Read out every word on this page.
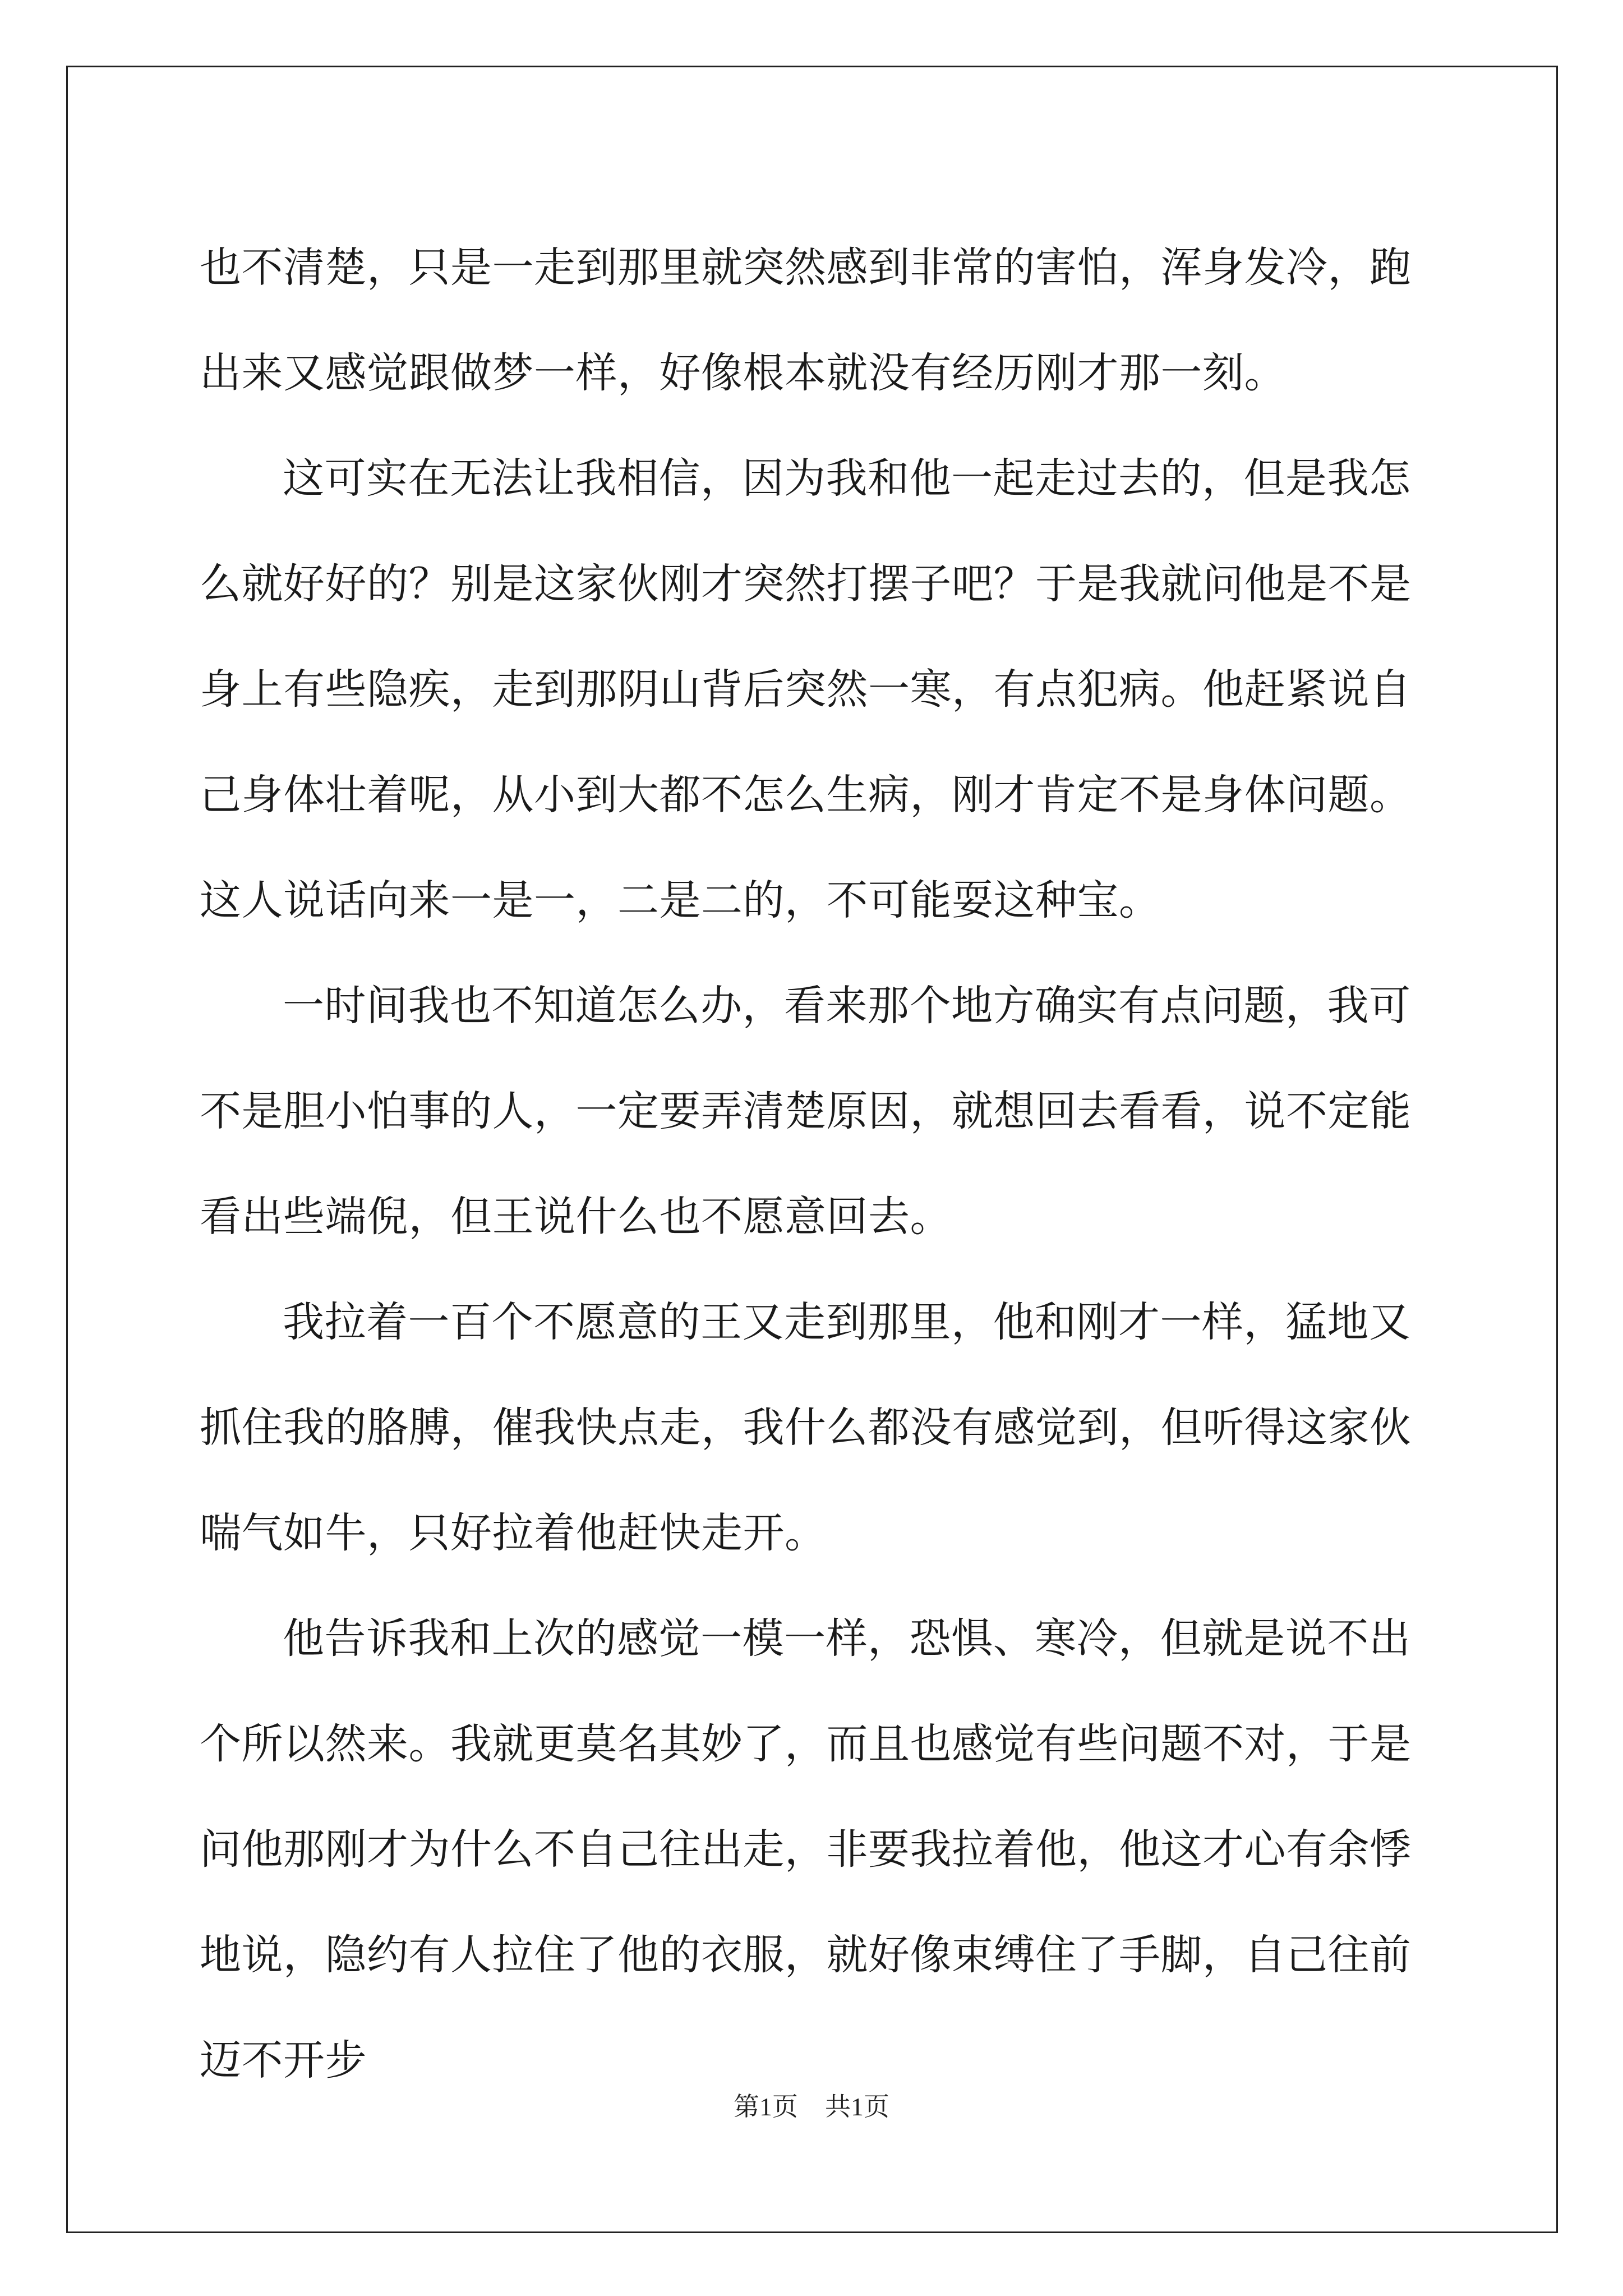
也不清楚，只是一走到那里就突然感到非常的害怕，浑身发冷，跑出来又感觉跟做梦一样，好像根本就没有经历刚才那一刻。

这可实在无法让我相信，因为我和他一起走过去的，但是我怎么就好好的？别是这家伙刚才突然打摆子吧？于是我就问他是不是身上有些隐疾，走到那阴山背后突然一寒，有点犯病。他赶紧说自己身体壮着呢，从小到大都不怎么生病，刚才肯定不是身体问题。这人说话向来一是一，二是二的，不可能耍这种宝。

一时间我也不知道怎么办，看来那个地方确实有点问题，我可不是胆小怕事的人，一定要弄清楚原因，就想回去看看，说不定能看出些端倪，但王说什么也不愿意回去。

我拉着一百个不愿意的王又走到那里，他和刚才一样，猛地又抓住我的胳膊，催我快点走，我什么都没有感觉到，但听得这家伙喘气如牛，只好拉着他赶快走开。

他告诉我和上次的感觉一模一样，恐惧、寒冷，但就是说不出个所以然来。我就更莫名其妙了，而且也感觉有些问题不对，于是问他那刚才为什么不自己往出走，非要我拉着他，他这才心有余悸地说，隐约有人拉住了他的衣服，就好像束缚住了手脚，自己往前迈不开步

第1页 共1页
